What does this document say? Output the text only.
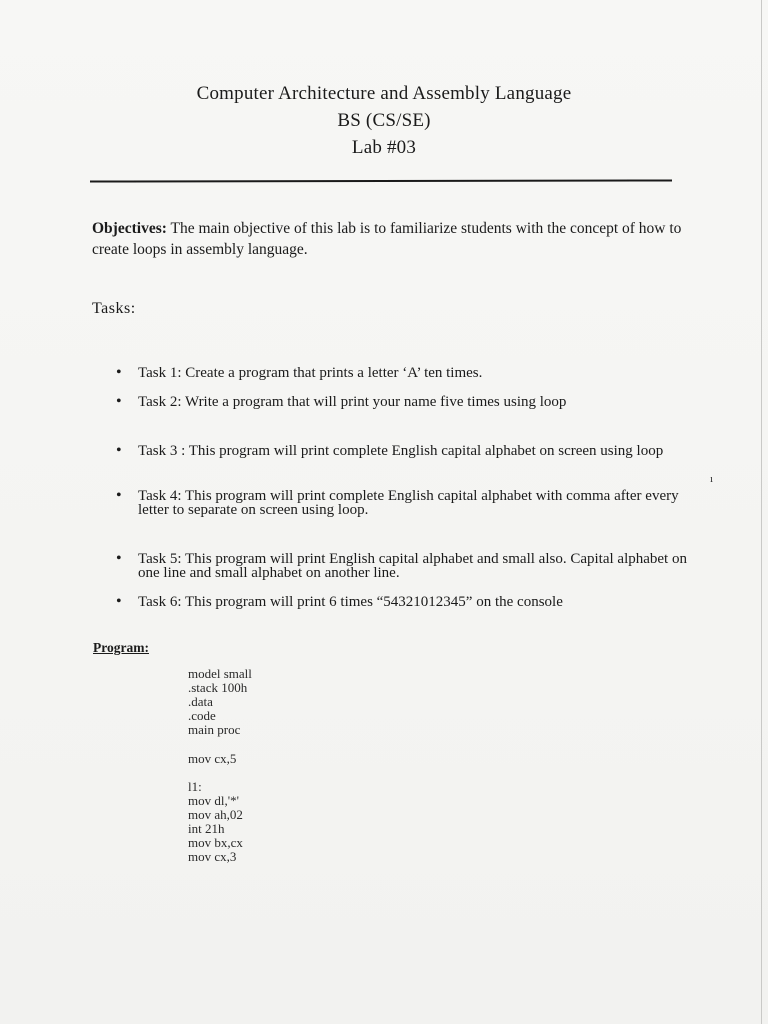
Computer Architecture and Assembly Language
BS (CS/SE)
Lab #03
Objectives: The main objective of this lab is to familiarize students with the concept of how to create loops in assembly language.
Tasks:
• Task 1: Create a program that prints a letter ‘A’ ten times.
• Task 2: Write a program that will print your name five times using loop
• Task 3 : This program will print complete English capital alphabet on screen using loop
• Task 4: This program will print complete English capital alphabet with comma after every letter to separate on screen using loop.
• Task 5: This program will print English capital alphabet and small also. Capital alphabet on one line and small alphabet on another line.
• Task 6: This program will print 6 times “54321012345” on the console
Program:
model small
.stack 100h
.data
.code
main proc
mov cx,5
l1:
mov dl,'*'
mov ah,02
int 21h
mov bx,cx
mov cx,3
ı
